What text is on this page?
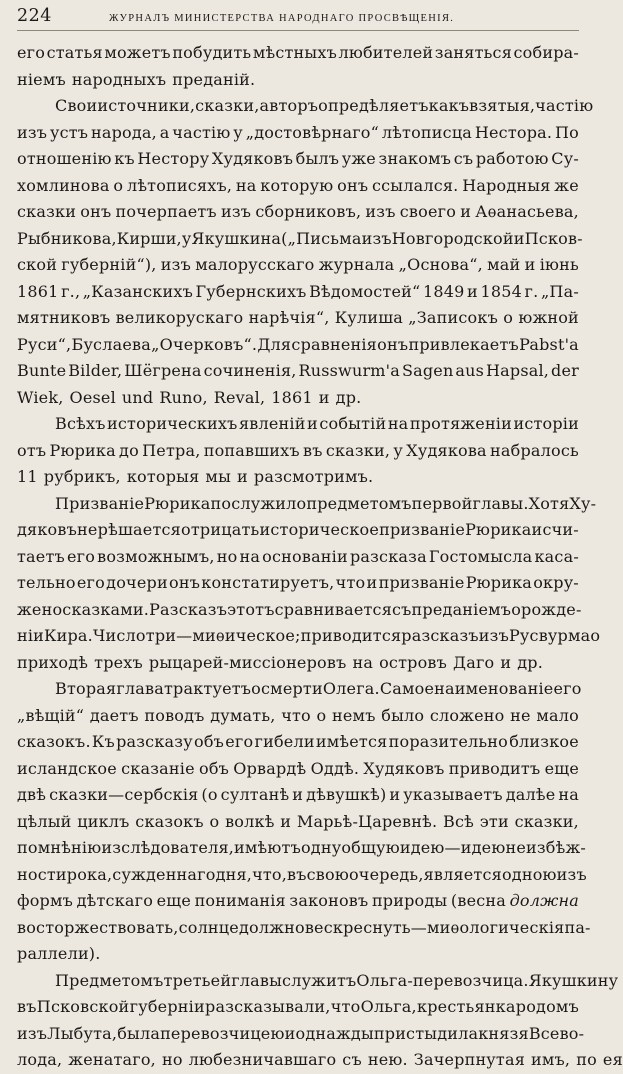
224	ЖУРНАЛЪ МИНИСТЕРСТВА НАРОДНАГО ПРОСВѢЩЕНІЯ.

его статья можетъ побудить мѣстныхъ любителей заняться собира-
ніемъ народныхъ преданій.

Свои источники, сказки, авторъ опредѣляетъ какъ взятыя, частію
изъ устъ народа, а частію у „достовѣрнаго“ лѣтописца Нестора. По
отношенію къ Нестору Худяковъ былъ уже знакомъ съ работою Су-
хомлинова о лѣтописяхъ, на которую онъ ссылался. Народныя же
сказки онъ почерпаетъ изъ сборниковъ, изъ своего и Аѳанасьева,
Рыбникова, Кирши, у Якушкина („Письма изъ Новгородской и Псков-
ской губерній“), изъ малорусскаго журнала „Основа“, май и іюнь
1861 г., „Казанскихъ Губернскихъ Вѣдомостей“ 1849 и 1854 г. „Па-
мятниковъ великорускаго нарѣчія“, Кулиша „Записокъ о южной
Руси“, Буслаева „Очерковъ“. Для сравненія онъ привлекаетъ Pabst'a
Bunte Bilder, Шёгрена сочиненія, Russwurm'a Sagen aus Hapsal, der
Wiek, Oesel und Runo, Reval, 1861 и др.

Всѣхъ историческихъ явленій и событій на протяженіи исторіи
отъ Рюрика до Петра, попавшихъ въ сказки, у Худякова набралось
11 рубрикъ, которыя мы и разсмотримъ.

Призваніе Рюрика послужило предметомъ первой главы. Хотя Ху-
дяковъ не рѣшается отрицать историческое призваніе Рюрика и счи-
таетъ его возможнымъ, но на основаніи разсказа Гостомысла каса-
тельно его дочери онъ констатируетъ, что и призваніе Рюрика окру-
жено сказками. Разсказъ этотъ сравнивается съ преданіемъ о рожде-
ніи Кира. Число три—миѳическое; приводится разсказъ изъ Русвурма о
приходѣ трехъ рыцарей-миссіонеровъ на островъ Даго и др.

Вторая глава трактуетъ о смерти Олега. Самое наименованіе его
„вѣщій“ даетъ поводъ думать, что о немъ было сложено не мало
сказокъ. Къ разсказу объ его гибели имѣется поразительно близкое
исландское сказаніе объ Орвардѣ Оддѣ. Худяковъ приводитъ еще
двѣ сказки—сербскія (о султанѣ и дѣвушкѣ) и указываетъ далѣе на
цѣлый циклъ сказокъ о волкѣ и Марьѣ-Царевнѣ. Всѣ эти сказки,
по мнѣнію изслѣдователя, имѣютъ одну общую идею—идею неизбѣж-
ности рока, сужденнаго дня, что, въ свою очередь, является одною изъ
формъ дѣтскаго еще пониманія законовъ природы (весна должна
восторжествовать, солнце должно вескреснуть — миѳологическія па-
раллели).

Предметомъ третьей главы служитъ Ольга-перевозчица. Якушкину
въ Псковской губерніи разсказывали, что Ольга, крестьянка родомъ
изъ Лыбута, была перевозчицею и однажды пристыдила князя Всево-
лода, женатаго, но любезничавшаго съ нею. Зачерпнутая имъ, по ея
